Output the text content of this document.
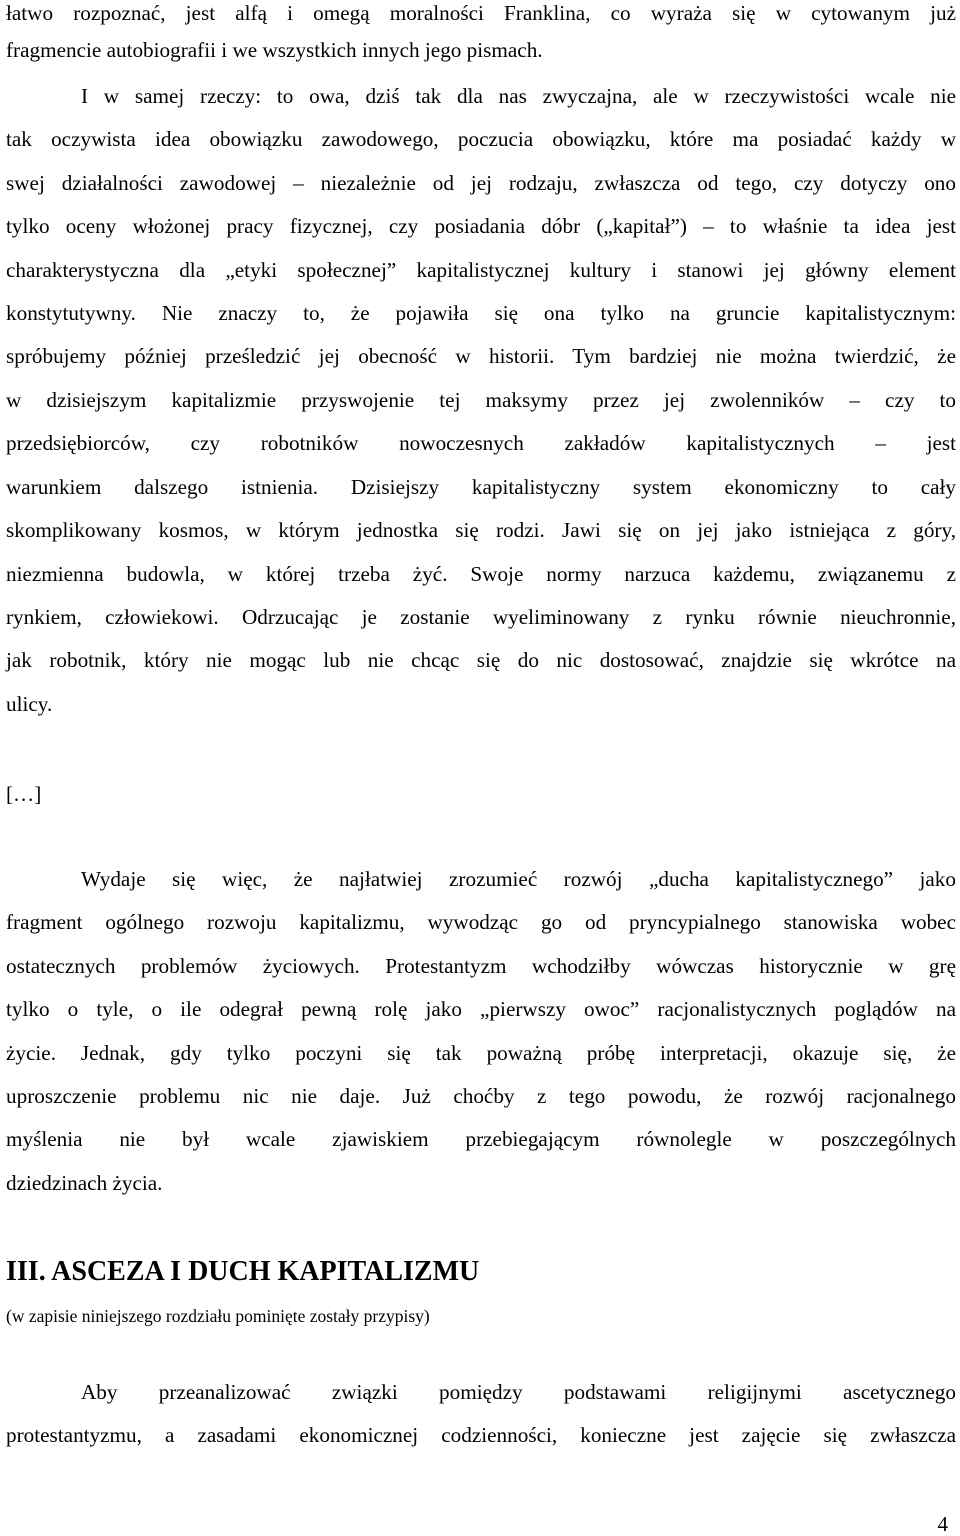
łatwo rozpoznać, jest alfą i omegą moralności Franklina, co wyraża się w cytowanym już
fragmencie autobiografii i we wszystkich innych jego pismach.
I w samej rzeczy: to owa, dziś tak dla nas zwyczajna, ale w rzeczywistości wcale nie
tak oczywista idea obowiązku zawodowego, poczucia obowiązku, które ma posiadać każdy w
swej działalności zawodowej – niezależnie od jej rodzaju, zwłaszcza od tego, czy dotyczy ono
tylko oceny włożonej pracy fizycznej, czy posiadania dóbr („kapitał”) – to właśnie ta idea jest
charakterystyczna dla „etyki społecznej” kapitalistycznej kultury i stanowi jej główny element
konstytutywny. Nie znaczy to, że pojawiła się ona tylko na gruncie kapitalistycznym:
spróbujemy później prześledzić jej obecność w historii. Tym bardziej nie można twierdzić, że
w dzisiejszym kapitalizmie przyswojenie tej maksymy przez jej zwolenników – czy to
przedsiębiorców, czy robotników nowoczesnych zakładów kapitalistycznych – jest
warunkiem dalszego istnienia. Dzisiejszy kapitalistyczny system ekonomiczny to cały
skomplikowany kosmos, w którym jednostka się rodzi. Jawi się on jej jako istniejąca z góry,
niezmienna budowla, w której trzeba żyć. Swoje normy narzuca każdemu, związanemu z
rynkiem, człowiekowi. Odrzucając je zostanie wyeliminowany z rynku równie nieuchronnie,
jak robotnik, który nie mogąc lub nie chcąc się do nic dostosować, znajdzie się wkrótce na
ulicy.
[…]
Wydaje się więc, że najłatwiej zrozumieć rozwój „ducha kapitalistycznego” jako
fragment ogólnego rozwoju kapitalizmu, wywodząc go od pryncypialnego stanowiska wobec
ostatecznych problemów życiowych. Protestantyzm wchodziłby wówczas historycznie w grę
tylko o tyle, o ile odegrał pewną rolę jako „pierwszy owoc” racjonalistycznych poglądów na
życie. Jednak, gdy tylko poczyni się tak poważną próbę interpretacji, okazuje się, że
uproszczenie problemu nic nie daje. Już choćby z tego powodu, że rozwój racjonalnego
myślenia nie był wcale zjawiskiem przebiegającym równolegle w poszczególnych
dziedzinach życia.
III. ASCEZA I DUCH KAPITALIZMU
(w zapisie niniejszego rozdziału pominięte zostały przypisy)
Aby przeanalizować związki pomiędzy podstawami religijnymi ascetycznego
protestantyzmu, a zasadami ekonomicznej codzienności, konieczne jest zajęcie się zwłaszcza
4
